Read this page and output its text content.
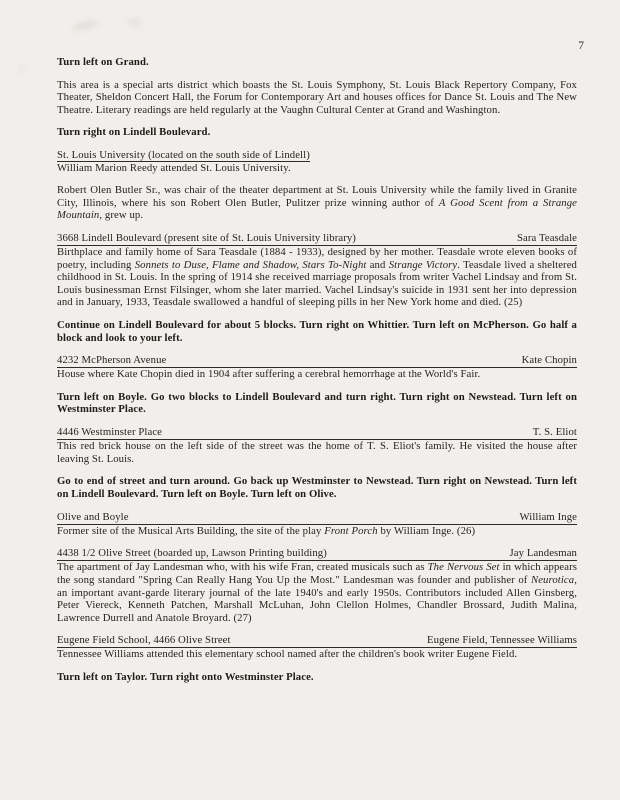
7
Turn left on Grand.
This area is a special arts district which boasts the St. Louis Symphony, St. Louis Black Repertory Company, Fox Theater, Sheldon Concert Hall, the Forum for Contemporary Art and houses offices for Dance St. Louis and The New Theatre. Literary readings are held regularly at the Vaughn Cultural Center at Grand and Washington.
Turn right on Lindell Boulevard.
St. Louis University (located on the south side of Lindell)
William Marion Reedy attended St. Louis University.
Robert Olen Butler Sr., was chair of the theater department at St. Louis University while the family lived in Granite City, Illinois, where his son Robert Olen Butler, Pulitzer prize winning author of A Good Scent from a Strange Mountain, grew up.
3668 Lindell Boulevard (present site of St. Louis University library)	Sara Teasdale
Birthplace and family home of Sara Teasdale (1884 - 1933), designed by her mother. Teasdale wrote eleven books of poetry, including Sonnets to Duse, Flame and Shadow, Stars To-Night and Strange Victory. Teasdale lived a sheltered childhood in St. Louis. In the spring of 1914 she received marriage proposals from writer Vachel Lindsay and from St. Louis businessman Ernst Filsinger, whom she later married. Vachel Lindsay's suicide in 1931 sent her into depression and in January, 1933, Teasdale swallowed a handful of sleeping pills in her New York home and died. (25)
Continue on Lindell Boulevard for about 5 blocks. Turn right on Whittier. Turn left on McPherson. Go half a block and look to your left.
4232 McPherson Avenue	Kate Chopin
House where Kate Chopin died in 1904 after suffering a cerebral hemorrhage at the World's Fair.
Turn left on Boyle. Go two blocks to Lindell Boulevard and turn right. Turn right on Newstead. Turn left on Westminster Place.
4446 Westminster Place	T. S. Eliot
This red brick house on the left side of the street was the home of T. S. Eliot's family. He visited the house after leaving St. Louis.
Go to end of street and turn around. Go back up Westminster to Newstead. Turn right on Newstead. Turn left on Lindell Boulevard. Turn left on Boyle. Turn left on Olive.
Olive and Boyle	William Inge
Former site of the Musical Arts Building, the site of the play Front Porch by William Inge. (26)
4438 1/2 Olive Street (boarded up, Lawson Printing building)	Jay Landesman
The apartment of Jay Landesman who, with his wife Fran, created musicals such as The Nervous Set in which appears the song standard "Spring Can Really Hang You Up the Most." Landesman was founder and publisher of Neurotica, an important avant-garde literary journal of the late 1940's and early 1950s. Contributors included Allen Ginsberg, Peter Viereck, Kenneth Patchen, Marshall McLuhan, John Clellon Holmes, Chandler Brossard, Judith Malina, Lawrence Durrell and Anatole Broyard. (27)
Eugene Field School, 4466 Olive Street	Eugene Field, Tennessee Williams
Tennessee Williams attended this elementary school named after the children's book writer Eugene Field.
Turn left on Taylor. Turn right onto Westminster Place.
